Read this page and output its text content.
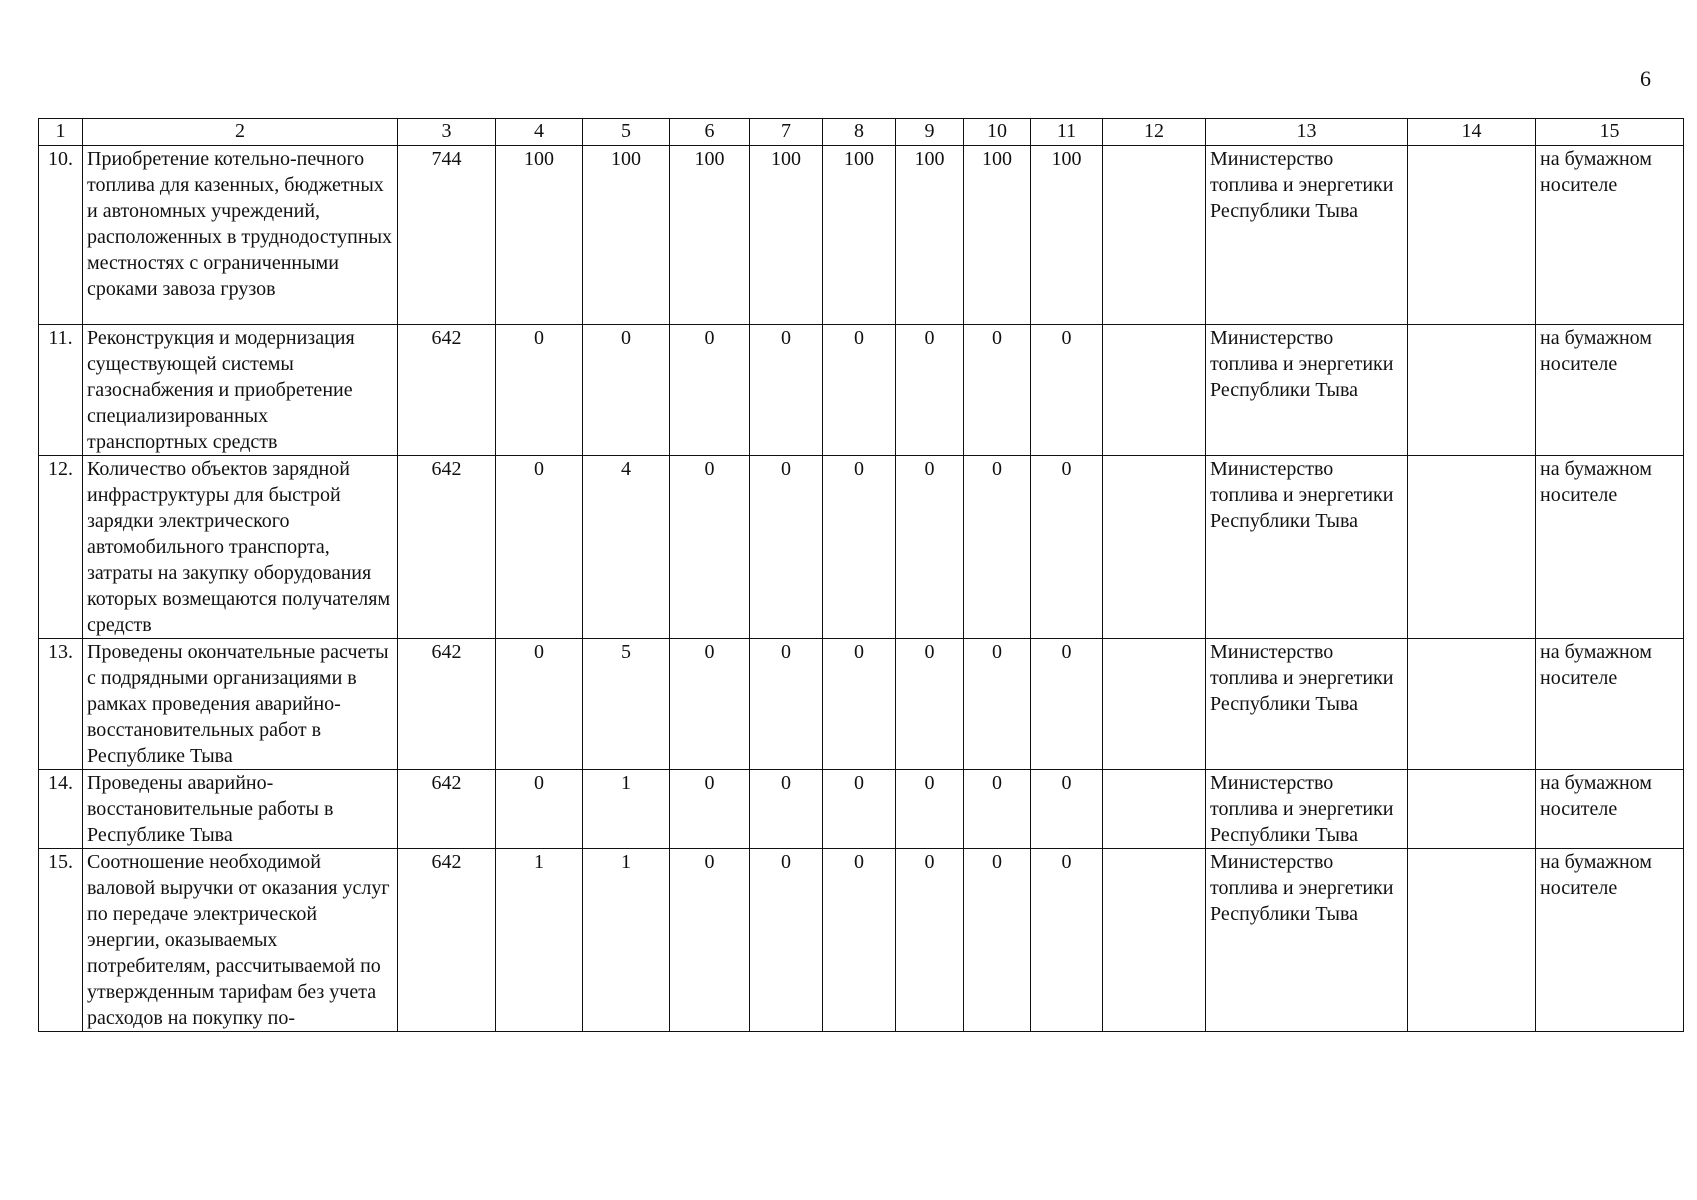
6
1	2	3	4	5	6	7	8	9	10	11	12	13	14	15
10.	Приобретение котельно-печного топлива для казенных, бюджетных и автономных учреждений, расположенных в труднодоступных местностях с ограниченными сроками завоза грузов	744	100	100	100	100	100	100	100	100		Министерство топлива и энергетики Республики Тыва		на бумажном носителе
11.	Реконструкция и модернизация существующей системы газоснабжения и приобретение специализированных транспортных средств	642	0	0	0	0	0	0	0	0		Министерство топлива и энергетики Республики Тыва		на бумажном носителе
12.	Количество объектов зарядной инфраструктуры для быстрой зарядки электрического автомобильного транспорта, затраты на закупку оборудования которых возмещаются получателям средств	642	0	4	0	0	0	0	0	0		Министерство топлива и энергетики Республики Тыва		на бумажном носителе
13.	Проведены окончательные расчеты с подрядными организациями в рамках проведения аварийно-восстановительных работ в Республике Тыва	642	0	5	0	0	0	0	0	0		Министерство топлива и энергетики Республики Тыва		на бумажном носителе
14.	Проведены аварийно-восстановительные работы в Республике Тыва	642	0	1	0	0	0	0	0	0		Министерство топлива и энергетики Республики Тыва		на бумажном носителе
15.	Соотношение необходимой валовой выручки от оказания услуг по передаче электрической энергии, оказываемых потребителям, рассчитываемой по утвержденным тарифам без учета расходов на покупку по-	642	1	1	0	0	0	0	0	0		Министерство топлива и энергетики Республики Тыва		на бумажном носителе
